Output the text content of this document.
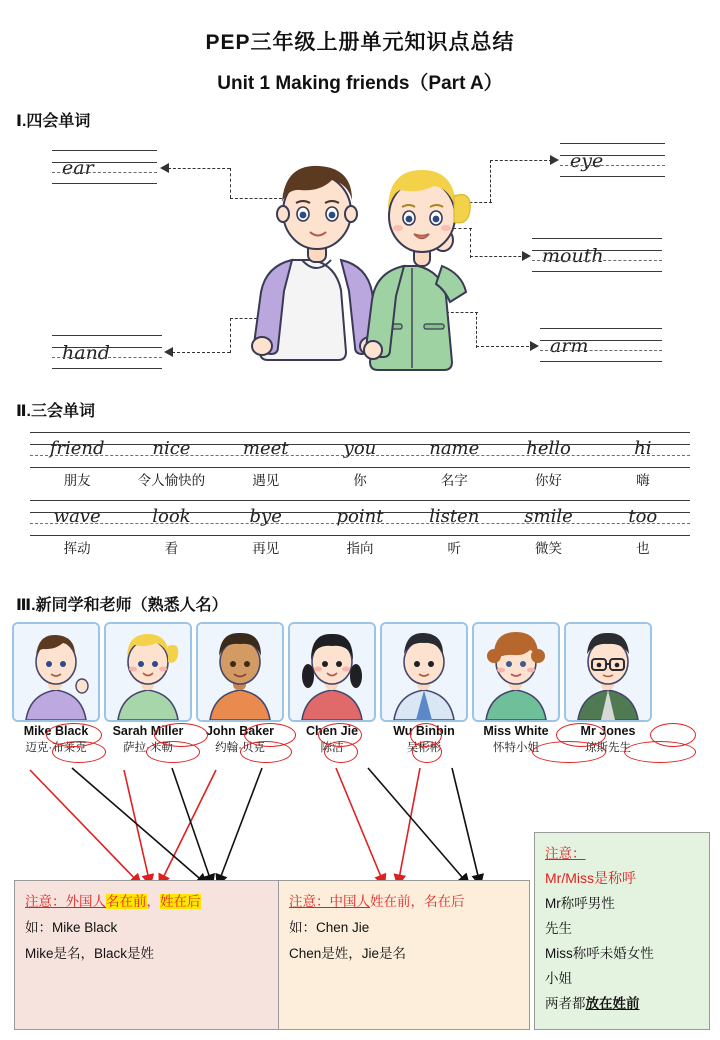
PEP三年级上册单元知识点总结
Unit 1 Making friends（Part A）
Ⅰ.四会单词
ear
hand
eye
mouth
arm
Ⅱ.三会单词
friend	nice	meet	you	name	hello	hi
朋友	令人愉快的	遇见	你	名字	你好	嗨
wave	look	bye	point	listen	smile	too
挥动	看	再见	指向	听	微笑	也
Ⅲ.新同学和老师（熟悉人名）
Mike Black
迈克·布莱克
Sarah Miller
萨拉·米勒
John Baker
约翰·贝克
Chen Jie
陈洁
Wu Binbin
吴彬彬
Miss White
怀特小姐
Mr Jones
琼斯先生
注意：外国人名在前，姓在后
如：Mike Black
Mike是名，Black是姓
注意：中国人姓在前，名在后
如：Chen Jie
Chen是姓，Jie是名
注意：
Mr/Miss是称呼
Mr称呼男性
先生
Miss称呼未婚女性
小姐
两者都放在姓前
